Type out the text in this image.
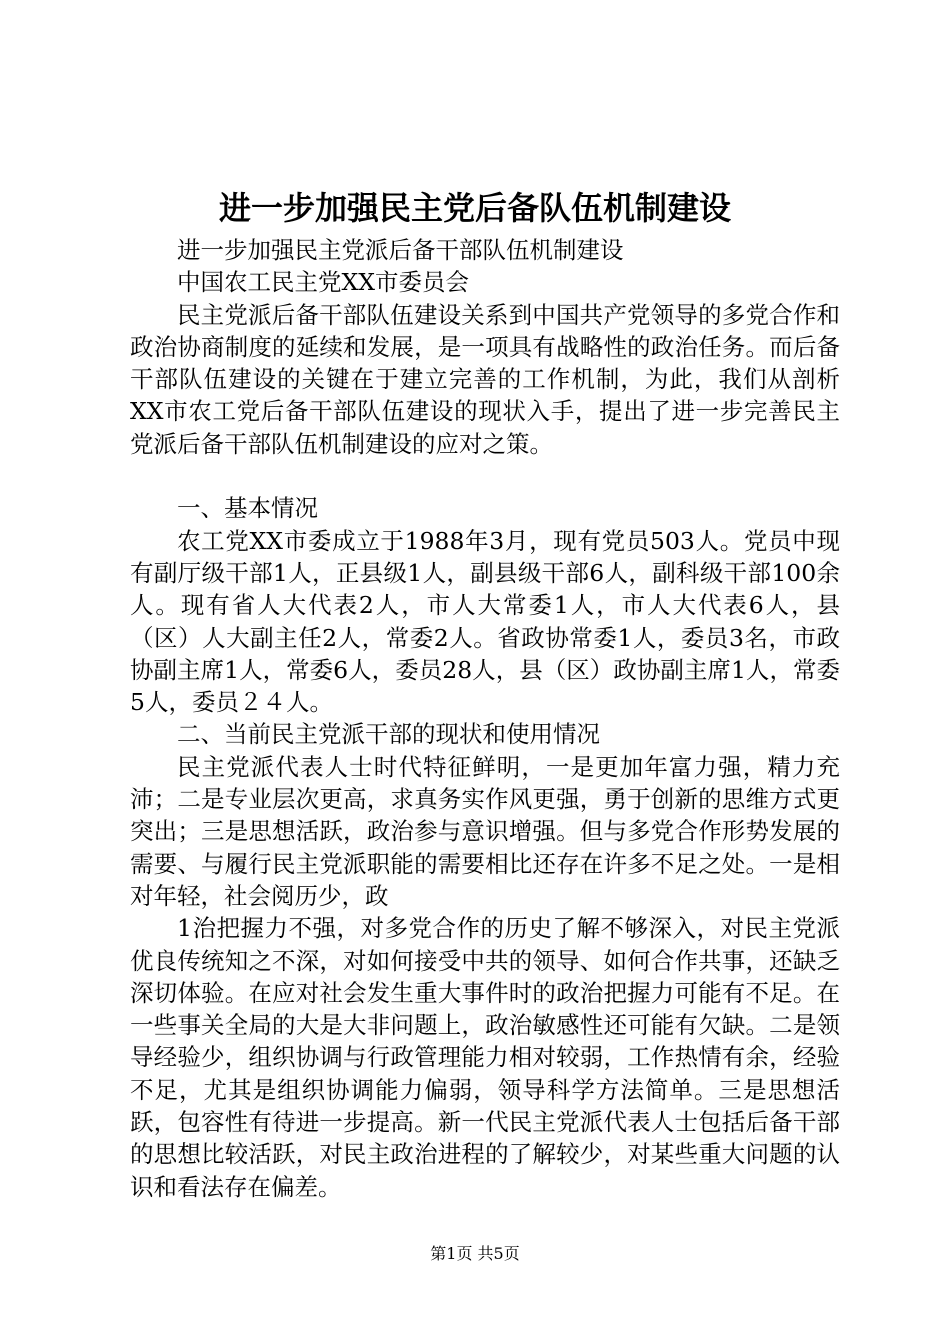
进一步加强民主党后备队伍机制建设

进一步加强民主党派后备干部队伍机制建设

中国农工民主党XX市委员会

民主党派后备干部队伍建设关系到中国共产党领导的多党合作和政治协商制度的延续和发展，是一项具有战略性的政治任务。而后备干部队伍建设的关键在于建立完善的工作机制，为此，我们从剖析XX市农工党后备干部队伍建设的现状入手，提出了进一步完善民主党派后备干部队伍机制建设的应对之策。

一、基本情况

农工党XX市委成立于1988年3月，现有党员503人。党员中现有副厅级干部1人，正县级1人，副县级干部6人，副科级干部100余人。现有省人大代表2人，市人大常委1人，市人大代表6人，县（区）人大副主任2人，常委2人。省政协常委1人，委员3名，市政协副主席1人，常委6人，委员28人，县（区）政协副主席1人，常委5人，委员２４人。

二、当前民主党派干部的现状和使用情况

民主党派代表人士时代特征鲜明，一是更加年富力强，精力充沛；二是专业层次更高，求真务实作风更强，勇于创新的思维方式更突出；三是思想活跃，政治参与意识增强。但与多党合作形势发展的需要、与履行民主党派职能的需要相比还存在许多不足之处。一是相对年轻，社会阅历少，政

1治把握力不强，对多党合作的历史了解不够深入，对民主党派优良传统知之不深，对如何接受中共的领导、如何合作共事，还缺乏深切体验。在应对社会发生重大事件时的政治把握力可能有不足。在一些事关全局的大是大非问题上，政治敏感性还可能有欠缺。二是领导经验少，组织协调与行政管理能力相对较弱，工作热情有余，经验不足，尤其是组织协调能力偏弱，领导科学方法简单。三是思想活跃，包容性有待进一步提高。新一代民主党派代表人士包括后备干部的思想比较活跃，对民主政治进程的了解较少，对某些重大问题的认识和看法存在偏差。

第1页 共5页
